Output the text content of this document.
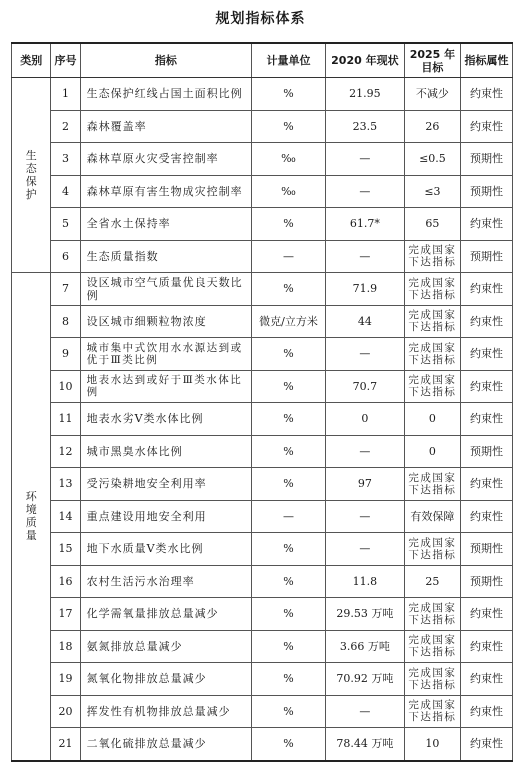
规划指标体系
类别	序号	指标	计量单位	2020 年现状	2025 年目标	指标属性
生态保护	1	生态保护红线占国土面积比例	%	21.95	不减少	约束性
	2	森林覆盖率	%	23.5	26	约束性
	3	森林草原火灾受害控制率	‰	—	≤0.5	预期性
	4	森林草原有害生物成灾控制率	‰	—	≤3	预期性
	5	全省水土保持率	%	61.7*	65	约束性
	6	生态质量指数	—	—	完成国家下达指标	预期性
环境质量	7	设区城市空气质量优良天数比例	%	71.9	完成国家下达指标	约束性
	8	设区城市细颗粒物浓度	微克/立方米	44	完成国家下达指标	约束性
	9	城市集中式饮用水水源达到或优于Ⅲ类比例	%	—	完成国家下达指标	约束性
	10	地表水达到或好于Ⅲ类水体比例	%	70.7	完成国家下达指标	约束性
	11	地表水劣Ⅴ类水体比例	%	0	0	约束性
	12	城市黑臭水体比例	%	—	0	预期性
	13	受污染耕地安全利用率	%	97	完成国家下达指标	约束性
	14	重点建设用地安全利用	—	—	有效保障	约束性
	15	地下水质量Ⅴ类水比例	%	—	完成国家下达指标	预期性
	16	农村生活污水治理率	%	11.8	25	预期性
	17	化学需氧量排放总量减少	%	29.53 万吨	完成国家下达指标	约束性
	18	氨氮排放总量减少	%	3.66 万吨	完成国家下达指标	约束性
	19	氮氧化物排放总量减少	%	70.92 万吨	完成国家下达指标	约束性
	20	挥发性有机物排放总量减少	%	—	完成国家下达指标	约束性
	21	二氧化硫排放总量减少	%	78.44 万吨	10	约束性
